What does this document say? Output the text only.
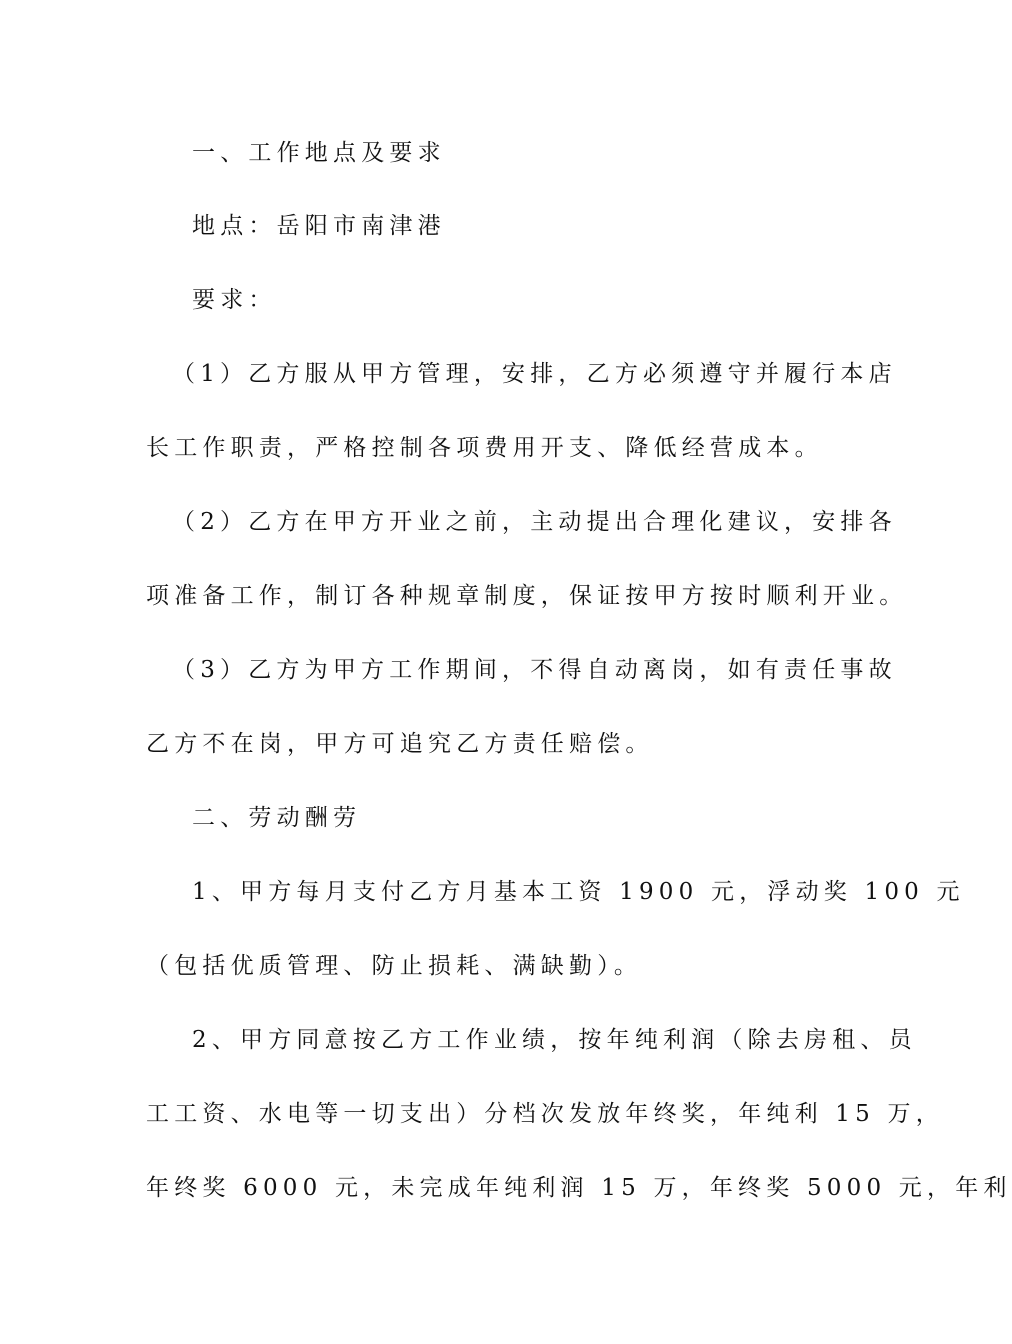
一、工作地点及要求
地点：岳阳市南津港
要求：
（1）乙方服从甲方管理，安排，乙方必须遵守并履行本店
长工作职责，严格控制各项费用开支、降低经营成本。
（2）乙方在甲方开业之前，主动提出合理化建议，安排各
项准备工作，制订各种规章制度，保证按甲方按时顺利开业。
（3）乙方为甲方工作期间，不得自动离岗，如有责任事故
乙方不在岗，甲方可追究乙方责任赔偿。
二、劳动酬劳
1、甲方每月支付乙方月基本工资 1900 元，浮动奖 100 元
（包括优质管理、防止损耗、满缺勤）。
2、甲方同意按乙方工作业绩，按年纯利润（除去房租、员
工工资、水电等一切支出）分档次发放年终奖，年纯利 15 万，
年终奖 6000 元，未完成年纯利润 15 万，年终奖 5000 元，年利
